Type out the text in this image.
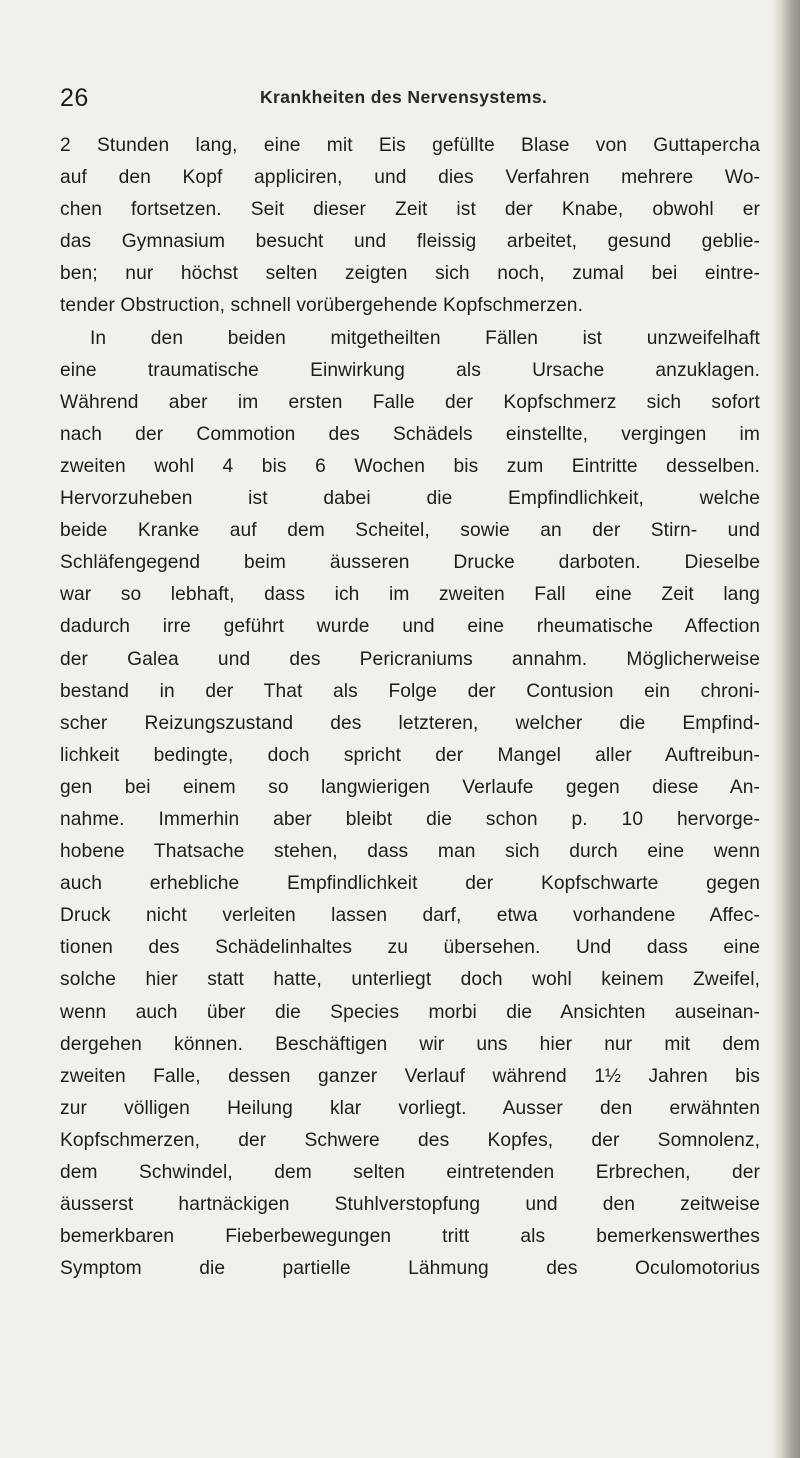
26	Krankheiten des Nervensystems.
2 Stunden lang, eine mit Eis gefüllte Blase von Guttapercha
auf den Kopf appliciren, und dies Verfahren mehrere Wo-
chen fortsetzen. Seit dieser Zeit ist der Knabe, obwohl er
das Gymnasium besucht und fleissig arbeitet, gesund geblie-
ben; nur höchst selten zeigten sich noch, zumal bei eintre-
tender Obstruction, schnell vorübergehende Kopfschmerzen.
In den beiden mitgetheilten Fällen ist unzweifelhaft
eine traumatische Einwirkung als Ursache anzuklagen.
Während aber im ersten Falle der Kopfschmerz sich sofort
nach der Commotion des Schädels einstellte, vergingen im
zweiten wohl 4 bis 6 Wochen bis zum Eintritte desselben.
Hervorzuheben ist dabei die Empfindlichkeit, welche
beide Kranke auf dem Scheitel, sowie an der Stirn- und
Schläfengegend beim äusseren Drucke darboten. Dieselbe
war so lebhaft, dass ich im zweiten Fall eine Zeit lang
dadurch irre geführt wurde und eine rheumatische Affection
der Galea und des Pericraniums annahm. Möglicherweise
bestand in der That als Folge der Contusion ein chroni-
scher Reizungszustand des letzteren, welcher die Empfind-
lichkeit bedingte, doch spricht der Mangel aller Auftreibun-
gen bei einem so langwierigen Verlaufe gegen diese An-
nahme. Immerhin aber bleibt die schon p. 10 hervorge-
hobene Thatsache stehen, dass man sich durch eine wenn
auch erhebliche Empfindlichkeit der Kopfschwarte gegen
Druck nicht verleiten lassen darf, etwa vorhandene Affec-
tionen des Schädelinhaltes zu übersehen. Und dass eine
solche hier statt hatte, unterliegt doch wohl keinem Zweifel,
wenn auch über die Species morbi die Ansichten auseinan-
dergehen können. Beschäftigen wir uns hier nur mit dem
zweiten Falle, dessen ganzer Verlauf während 1½ Jahren bis
zur völligen Heilung klar vorliegt. Ausser den erwähnten
Kopfschmerzen, der Schwere des Kopfes, der Somnolenz,
dem Schwindel, dem selten eintretenden Erbrechen, der
äusserst hartnäckigen Stuhlverstopfung und den zeitweise
bemerkbaren Fieberbewegungen tritt als bemerkenswerthes
Symptom die partielle Lähmung des Oculomotorius
